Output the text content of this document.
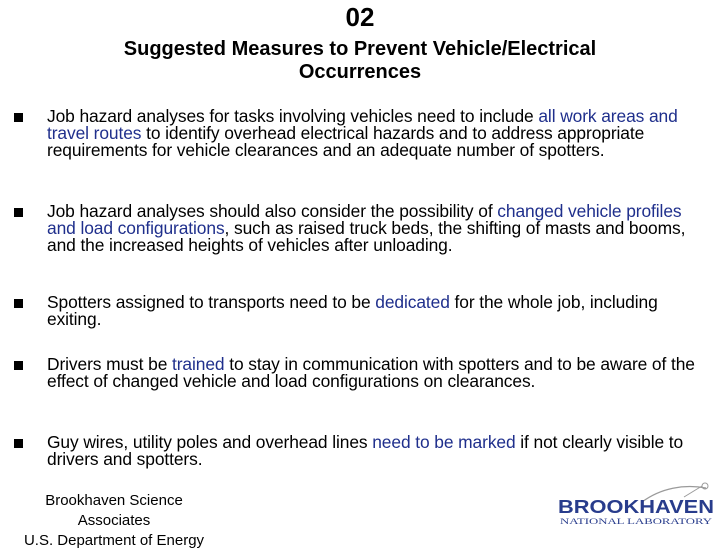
02
Suggested Measures to Prevent Vehicle/Electrical Occurrences
Job hazard analyses for tasks involving vehicles need to include all work areas and travel routes to identify overhead electrical hazards and to address appropriate requirements for vehicle clearances and an adequate number of spotters.
Job hazard analyses should also consider the possibility of changed vehicle profiles and load configurations, such as raised truck beds, the shifting of masts and booms, and the increased heights of vehicles after unloading.
Spotters assigned to transports need to be dedicated for the whole job, including exiting.
Drivers must be trained to stay in communication with spotters and to be aware of the effect of changed vehicle and load configurations on clearances.
Guy wires, utility poles and overhead lines need to be marked if not clearly visible to drivers and spotters.
Brookhaven Science
Associates
U.S. Department of Energy
BROOKHAVEN
NATIONAL LABORATORY
